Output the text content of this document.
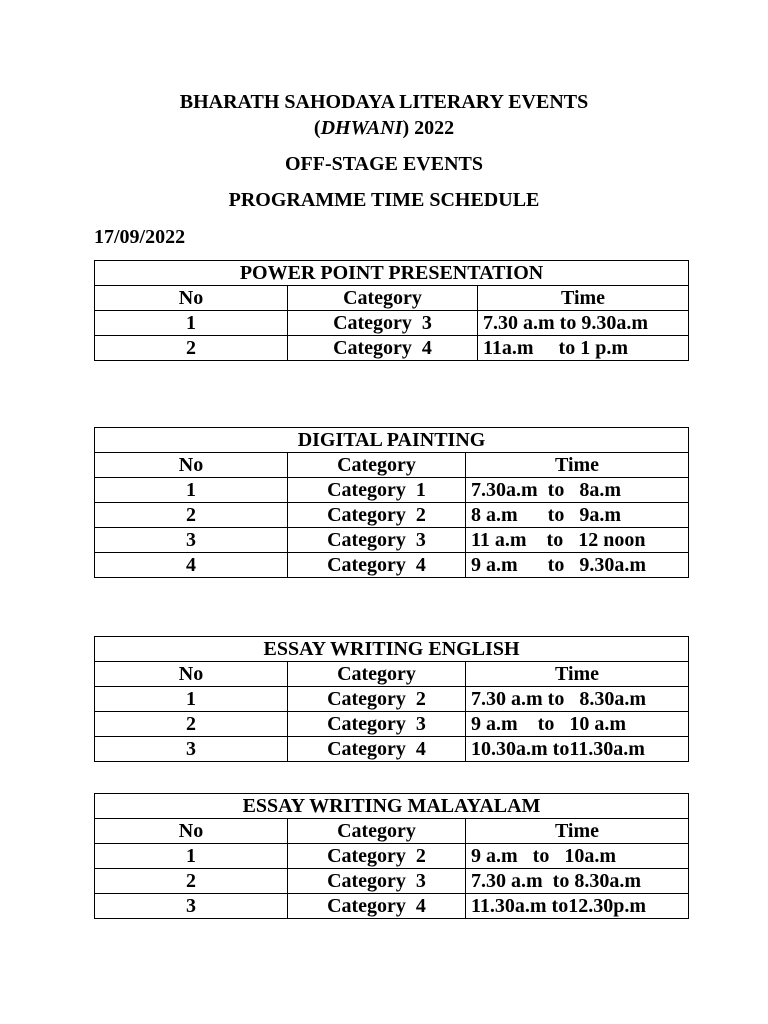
BHARATH SAHODAYA LITERARY EVENTS
(DHWANI) 2022
OFF-STAGE EVENTS
PROGRAMME TIME SCHEDULE
17/09/2022
POWER POINT PRESENTATION		
No	Category	Time
1	Category  3	7.30 a.m to 9.30a.m
2	Category  4	11a.m     to 1 p.m
DIGITAL PAINTING		
No	Category	Time
1	Category  1	7.30a.m  to   8a.m
2	Category  2	8 a.m      to   9a.m
3	Category  3	11 a.m    to   12 noon
4	Category  4	9 a.m      to   9.30a.m
ESSAY WRITING ENGLISH		
No	Category	Time
1	Category  2	7.30 a.m to   8.30a.m
2	Category  3	9 a.m    to   10 a.m
3	Category  4	10.30a.m to11.30a.m
ESSAY WRITING MALAYALAM		
No	Category	Time
1	Category  2	9 a.m   to   10a.m
2	Category  3	7.30 a.m  to 8.30a.m
3	Category  4	11.30a.m to12.30p.m
